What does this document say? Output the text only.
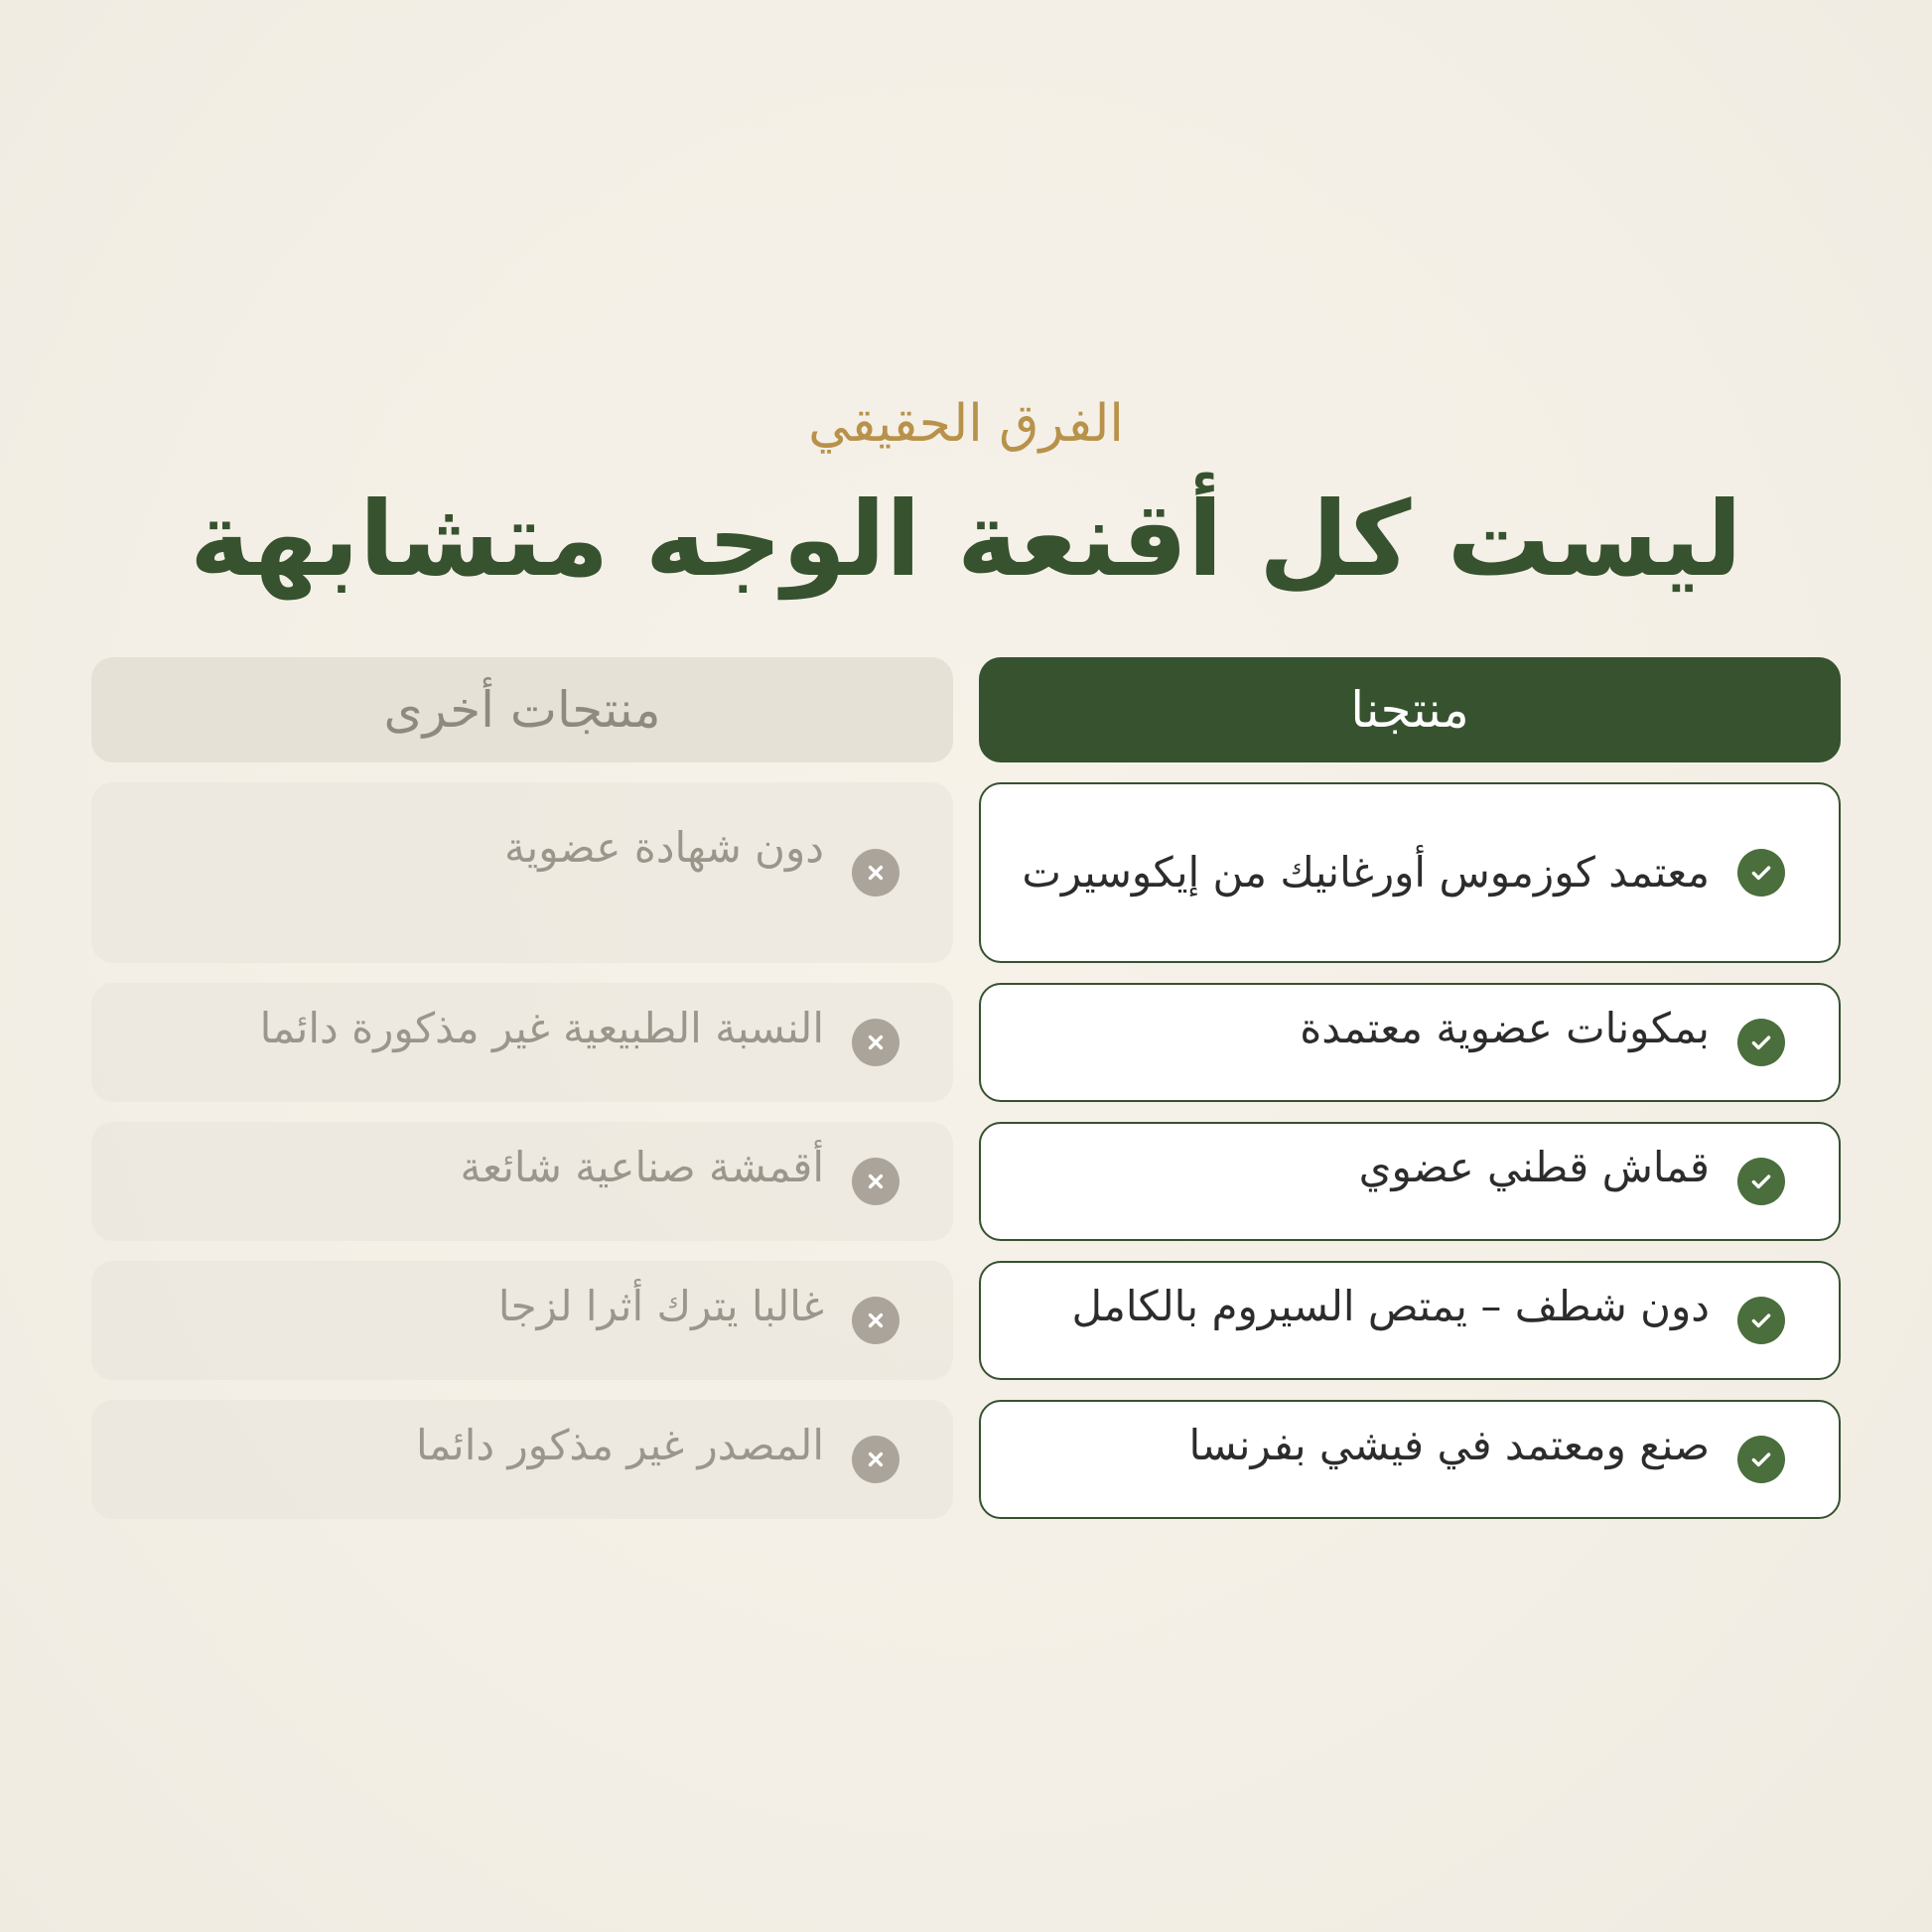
الفرق الحقيقي
ليست كل أقنعة الوجه متشابهة
منتجنا
معتمد كوزموس أورغانيك من إيكوسيرت
بمكونات عضوية معتمدة
قماش قطني عضوي
دون شطف – يمتص السيروم بالكامل
صنع ومعتمد في فيشي بفرنسا
منتجات أخرى
دون شهادة عضوية
النسبة الطبيعية غير مذكورة دائما
أقمشة صناعية شائعة
غالبا يترك أثرا لزجا
المصدر غير مذكور دائما
